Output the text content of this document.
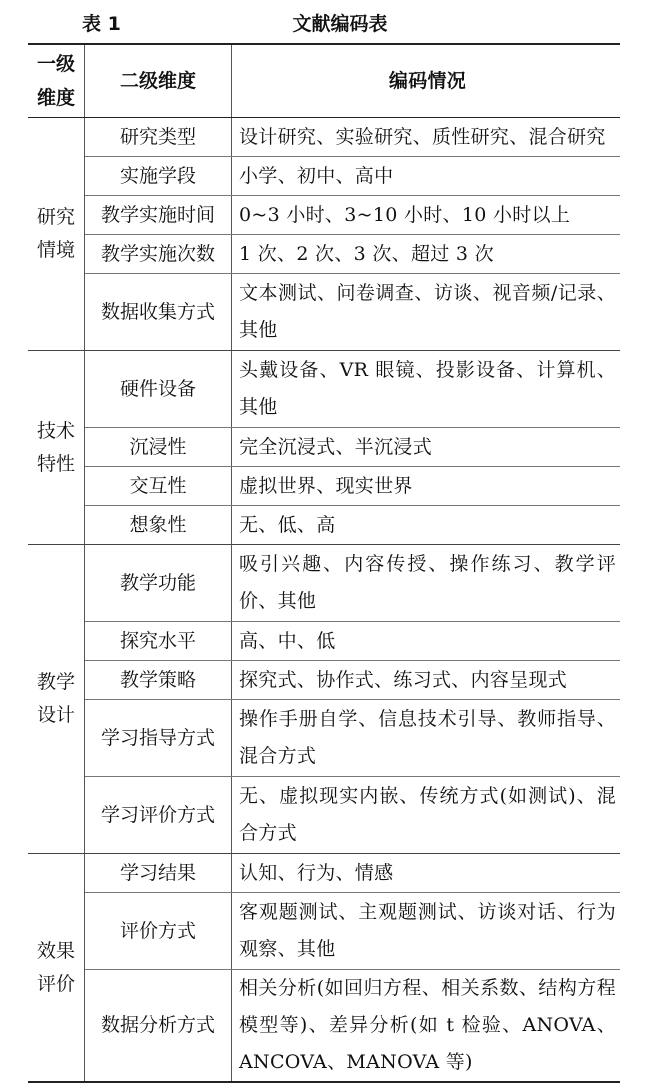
表 1	文献编码表
一级维度	二级维度	编码情况
研究情境	研究类型	设计研究、实验研究、质性研究、混合研究
	实施学段	小学、初中、高中
	教学实施时间	0~3 小时、3~10 小时、10 小时以上
	教学实施次数	1 次、2 次、3 次、超过 3 次
	数据收集方式	文本测试、问卷调查、访谈、视音频/记录、其他
技术特性	硬件设备	头戴设备、VR 眼镜、投影设备、计算机、其他
	沉浸性	完全沉浸式、半沉浸式
	交互性	虚拟世界、现实世界
	想象性	无、低、高
教学设计	教学功能	吸引兴趣、内容传授、操作练习、教学评价、其他
	探究水平	高、中、低
	教学策略	探究式、协作式、练习式、内容呈现式
	学习指导方式	操作手册自学、信息技术引导、教师指导、混合方式
	学习评价方式	无、虚拟现实内嵌、传统方式(如测试)、混合方式
效果评价	学习结果	认知、行为、情感
	评价方式	客观题测试、主观题测试、访谈对话、行为观察、其他
	数据分析方式	相关分析(如回归方程、相关系数、结构方程模型等)、差异分析(如 t 检验、ANOVA、ANCOVA、MANOVA 等)
